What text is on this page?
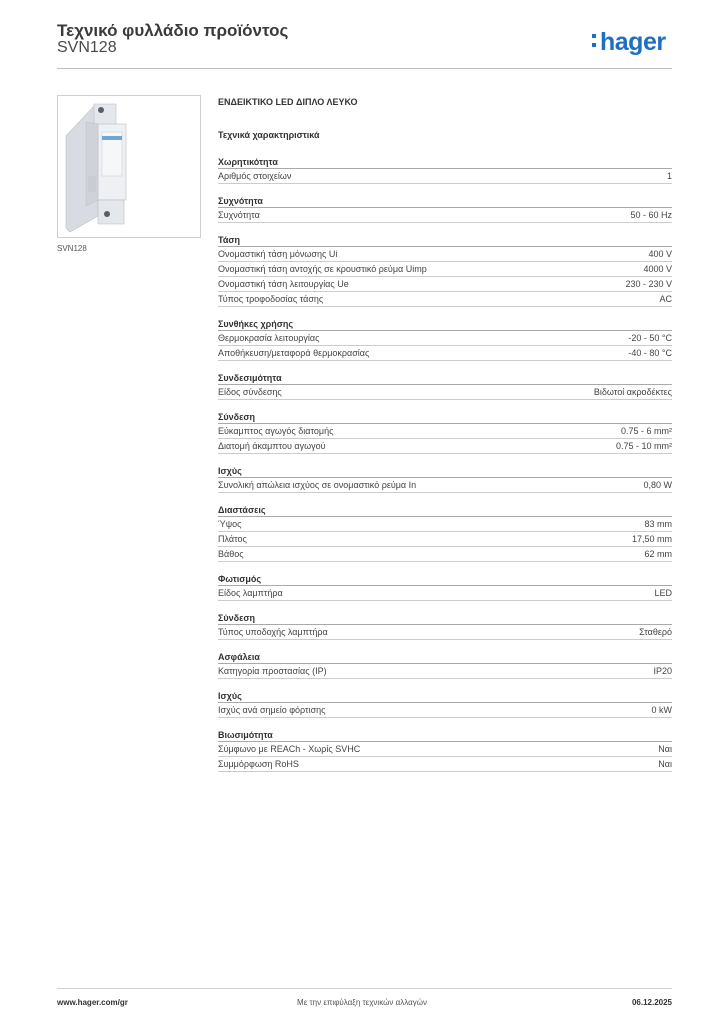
Τεχνικό φυλλάδιο προϊόντος
SVN128	hager
SVN128
ΕΝΔΕΙΚΤΙΚΟ LED ΔΙΠΛΟ ΛΕΥΚΟ
Τεχνικά χαρακτηριστικά
Χωρητικότητα
Αριθμός στοιχείων	1
Συχνότητα
Συχνότητα	50 - 60 Hz
Τάση
Ονομαστική τάση μόνωσης Ui	400 V
Ονομαστική τάση αντοχής σε κρουστικό ρεύμα Uimp	4000 V
Ονομαστική τάση λειτουργίας Ue	230 - 230 V
Τύπος τροφοδοσίας τάσης	AC
Συνθήκες χρήσης
Θερμοκρασία λειτουργίας	-20 - 50 °C
Αποθήκευση/μεταφορά θερμοκρασίας	-40 - 80 °C
Συνδεσιμότητα
Είδος σύνδεσης	Βιδωτοί ακροδέκτες
Σύνδεση
Εύκαμπτος αγωγός διατομής	0.75 - 6 mm²
Διατομή άκαμπτου αγωγού	0.75 - 10 mm²
Ισχύς
Συνολική απώλεια ισχύος σε ονομαστικό ρεύμα In	0,80 W
Διαστάσεις
Ύψος	83 mm
Πλάτος	17,50 mm
Βάθος	62 mm
Φωτισμός
Είδος λαμπτήρα	LED
Σύνδεση
Τύπος υποδοχής λαμπτήρα	Σταθερό
Ασφάλεια
Κατηγορία προστασίας (IP)	IP20
Ισχύς
Ισχύς ανά σημείο φόρτισης	0 kW
Βιωσιμότητα
Σύμφωνο με REACh - Χωρίς SVHC	Ναι
Συμμόρφωση RoHS	Ναι
www.hager.com/gr	Με την επιφύλαξη τεχνικών αλλαγών	06.12.2025
